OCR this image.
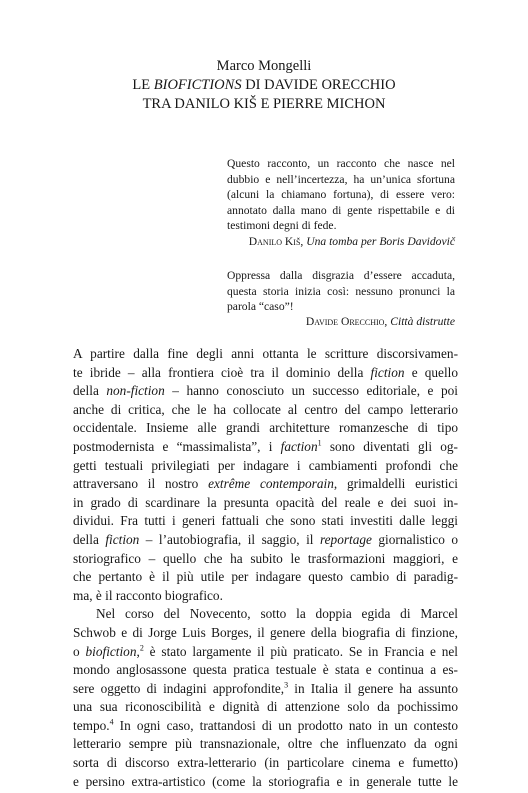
Marco Mongelli
LE BIOFICTIONS DI DAVIDE ORECCHIO
TRA DANILO KIŠ E PIERRE MICHON
Questo racconto, un racconto che nasce nel
dubbio e nell’incertezza, ha un’unica sfortuna
(alcuni la chiamano fortuna), di essere vero:
annotato dalla mano di gente rispettabile e di
testimoni degni di fede.
Danilo Kiš, Una tomba per Boris Davidovič
Oppressa dalla disgrazia d’essere accaduta,
questa storia inizia così: nessuno pronunci la
parola “caso”!
Davide Orecchio, Città distrutte
A partire dalla fine degli anni ottanta le scritture discorsivamen-
te ibride – alla frontiera cioè tra il dominio della fiction e quello
della non-fiction – hanno conosciuto un successo editoriale, e poi
anche di critica, che le ha collocate al centro del campo letterario
occidentale. Insieme alle grandi architetture romanzesche di tipo
postmodernista e “massimalista”, i faction$^1$ sono diventati gli og-
getti testuali privilegiati per indagare i cambiamenti profondi che
attraversano il nostro extrême contemporain, grimaldelli euristici
in grado di scardinare la presunta opacità del reale e dei suoi in-
dividui. Fra tutti i generi fattuali che sono stati investiti dalle leggi
della fiction – l’autobiografia, il saggio, il reportage giornalistico o
storiografico – quello che ha subito le trasformazioni maggiori, e
che pertanto è il più utile per indagare questo cambio di paradig-
ma, è il racconto biografico.
Nel corso del Novecento, sotto la doppia egida di Marcel
Schwob e di Jorge Luis Borges, il genere della biografia di finzione,
o biofiction,$^2$ è stato largamente il più praticato. Se in Francia e nel
mondo anglosassone questa pratica testuale è stata e continua a es-
sere oggetto di indagini approfondite,$^3$ in Italia il genere ha assunto
una sua riconoscibilità e dignità di attenzione solo da pochissimo
tempo.$^4$ In ogni caso, trattandosi di un prodotto nato in un contesto
letterario sempre più transnazionale, oltre che influenzato da ogni
sorta di discorso extra-letterario (in particolare cinema e fumetto)
e persino extra-artistico (come la storiografia e in generale tutte le
